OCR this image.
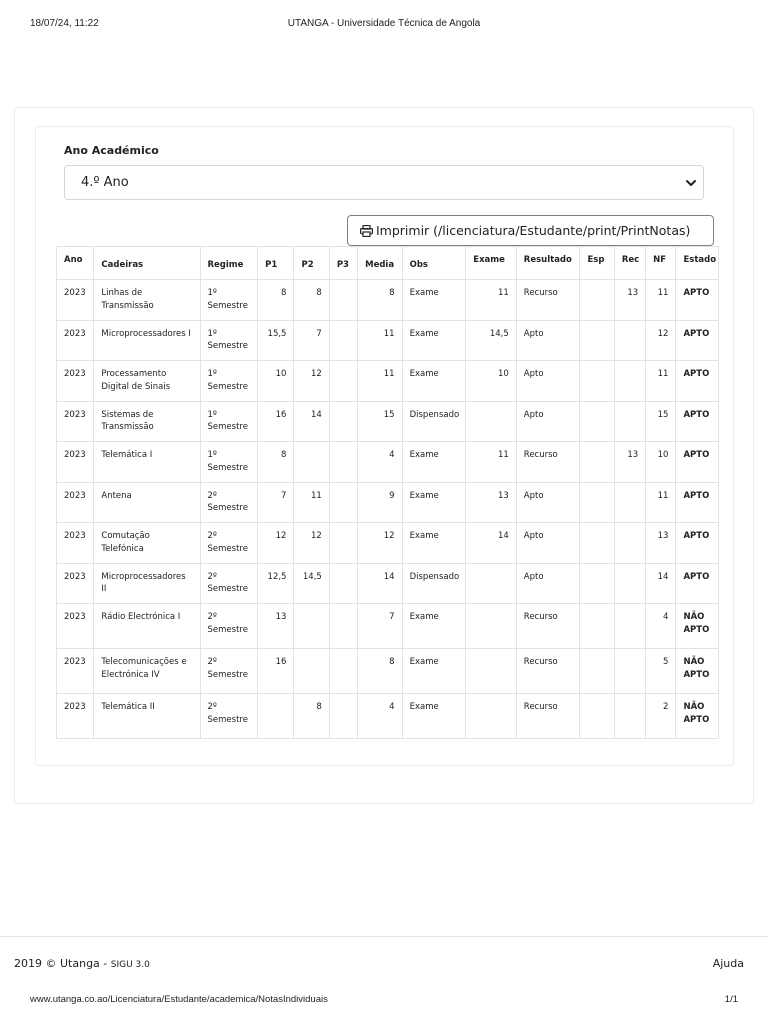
18/07/24, 11:22	UTANGA - Universidade Técnica de Angola
Ano Académico
4.º Ano
Imprimir (/licenciatura/Estudante/print/PrintNotas)
Ano	Cadeiras	Regime	P1	P2	P3	Media	Obs	Exame	Resultado	Esp	Rec	NF	Estado
2023	Linhas de Transmissão	1º Semestre	8	8		8	Exame	11	Recurso		13	11	APTO
2023	Microprocessadores I	1º Semestre	15,5	7		11	Exame	14,5	Apto			12	APTO
2023	Processamento Digital de Sinais	1º Semestre	10	12		11	Exame	10	Apto			11	APTO
2023	Sistemas de Transmissão	1º Semestre	16	14		15	Dispensado		Apto			15	APTO
2023	Telemática I	1º Semestre	8			4	Exame	11	Recurso		13	10	APTO
2023	Antena	2º Semestre	7	11		9	Exame	13	Apto			11	APTO
2023	Comutação Telefónica	2º Semestre	12	12		12	Exame	14	Apto			13	APTO
2023	Microprocessadores II	2º Semestre	12,5	14,5		14	Dispensado		Apto			14	APTO
2023	Rádio Electrónica I	2º Semestre	13			7	Exame		Recurso			4	NÃO APTO
2023	Telecomunicações e Electrónica IV	2º Semestre	16			8	Exame		Recurso			5	NÃO APTO
2023	Telemática II	2º Semestre		8		4	Exame		Recurso			2	NÃO APTO
2019 © Utanga - SIGU 3.0	Ajuda
www.utanga.co.ao/Licenciatura/Estudante/academica/NotasIndividuais	1/1
